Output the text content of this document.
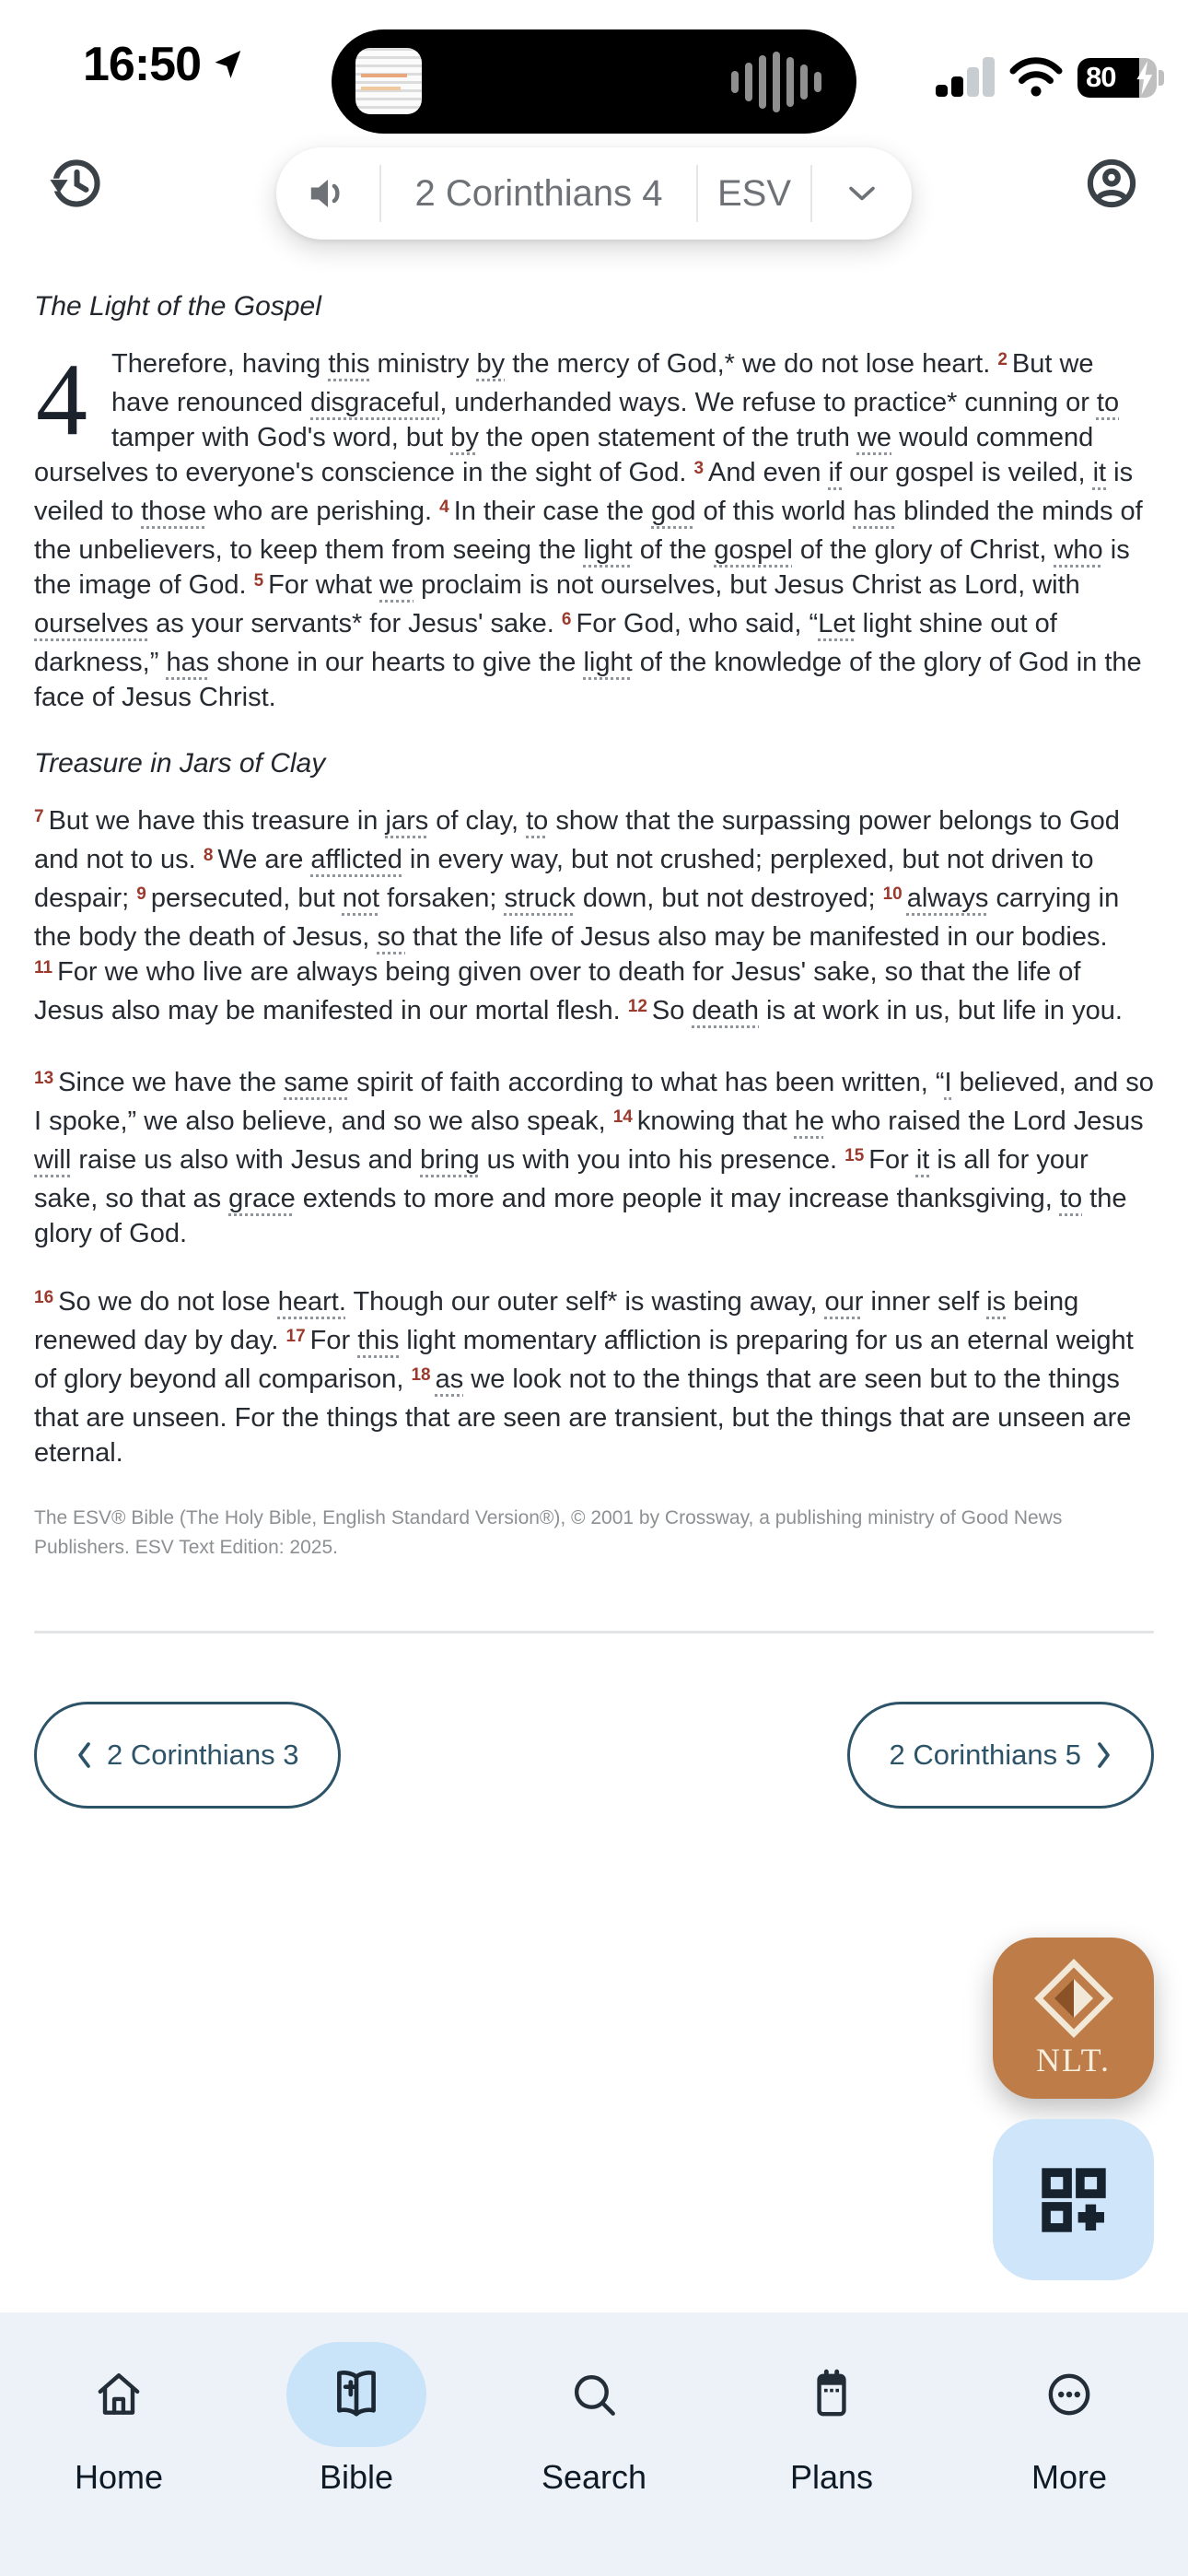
16:50	80
2 Corinthians 4 ESV
The Light of the Gospel

4 Therefore, having this ministry by the mercy of God,* we do not lose heart. $^2$ But we have renounced disgraceful, underhanded ways. We refuse to practice* cunning or to tamper with God's word, but by the open statement of the truth we would commend ourselves to everyone's conscience in the sight of God. $^3$ And even if our gospel is veiled, it is veiled to those who are perishing. $^4$ In their case the god of this world has blinded the minds of the unbelievers, to keep them from seeing the light of the gospel of the glory of Christ, who is the image of God. $^5$ For what we proclaim is not ourselves, but Jesus Christ as Lord, with ourselves as your servants* for Jesus' sake. $^6$ For God, who said, “Let light shine out of darkness,” has shone in our hearts to give the light of the knowledge of the glory of God in the face of Jesus Christ.

Treasure in Jars of Clay

$^7$ But we have this treasure in jars of clay, to show that the surpassing power belongs to God and not to us. $^8$ We are afflicted in every way, but not crushed; perplexed, but not driven to despair; $^9$ persecuted, but not forsaken; struck down, but not destroyed; $^{10}$ always carrying in the body the death of Jesus, so that the life of Jesus also may be manifested in our bodies. $^{11}$ For we who live are always being given over to death for Jesus' sake, so that the life of Jesus also may be manifested in our mortal flesh. $^{12}$ So death is at work in us, but life in you.

$^{13}$ Since we have the same spirit of faith according to what has been written, “I believed, and so I spoke,” we also believe, and so we also speak, $^{14}$ knowing that he who raised the Lord Jesus will raise us also with Jesus and bring us with you into his presence. $^{15}$ For it is all for your sake, so that as grace extends to more and more people it may increase thanksgiving, to the glory of God.

$^{16}$ So we do not lose heart. Though our outer self* is wasting away, our inner self is being renewed day by day. $^{17}$ For this light momentary affliction is preparing for us an eternal weight of glory beyond all comparison, $^{18}$ as we look not to the things that are seen but to the things that are unseen. For the things that are seen are transient, but the things that are unseen are eternal.

The ESV® Bible (The Holy Bible, English Standard Version®), © 2001 by Crossway, a publishing ministry of Good News Publishers. ESV Text Edition: 2025.

2 Corinthians 3	2 Corinthians 5
NLT.
Home	Bible	Search	Plans	More
